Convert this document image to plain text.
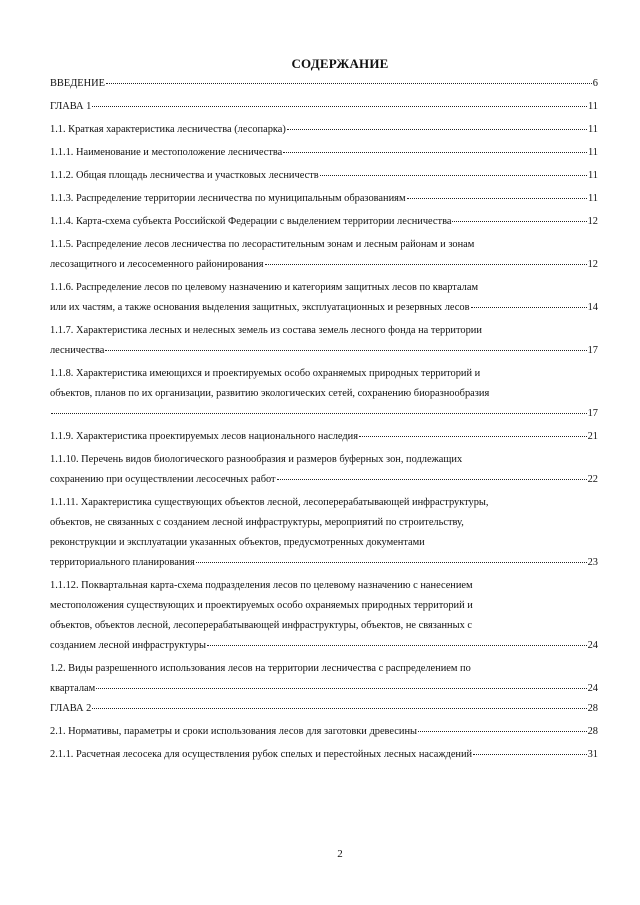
СОДЕРЖАНИЕ
ВВЕДЕНИЕ	6
ГЛАВА 1	11
1.1. Краткая характеристика лесничества (лесопарка)	11
1.1.1. Наименование и местоположение лесничества	11
1.1.2. Общая площадь лесничества и участковых лесничеств	11
1.1.3. Распределение территории лесничества по муниципальным образованиям	11
1.1.4. Карта-схема субъекта Российской Федерации с выделением территории лесничества	12
1.1.5. Распределение лесов лесничества по лесорастительным зонам и лесным районам и зонам
лесозащитного и лесосеменного районирования	12
1.1.6. Распределение лесов по целевому назначению и категориям защитных лесов по кварталам
или их частям, а также основания выделения защитных, эксплуатационных и резервных лесов	14
1.1.7. Характеристика лесных и нелесных земель из состава земель лесного фонда на территории
лесничества	17
1.1.8. Характеристика имеющихся и проектируемых особо охраняемых природных территорий и
объектов, планов по их организации, развитию экологических сетей, сохранению биоразнообразия
17
1.1.9. Характеристика проектируемых лесов национального наследия	21
1.1.10. Перечень видов биологического разнообразия и размеров буферных зон, подлежащих
сохранению при осуществлении лесосечных работ	22
1.1.11. Характеристика существующих объектов лесной, лесоперерабатывающей инфраструктуры,
объектов, не связанных с созданием лесной инфраструктуры, мероприятий по строительству,
реконструкции и эксплуатации указанных объектов, предусмотренных документами
территориального планирования	23
1.1.12. Поквартальная карта-схема подразделения лесов по целевому назначению с нанесением
местоположения существующих и проектируемых особо охраняемых природных территорий и
объектов, объектов лесной, лесоперерабатывающей инфраструктуры, объектов, не связанных с
созданием лесной инфраструктуры	24
1.2. Виды разрешенного использования лесов на территории лесничества с распределением по
кварталам	24
ГЛАВА 2	28
2.1. Нормативы, параметры и сроки использования лесов для заготовки древесины	28
2.1.1. Расчетная лесосека для осуществления рубок спелых и перестойных лесных насаждений	31
2
